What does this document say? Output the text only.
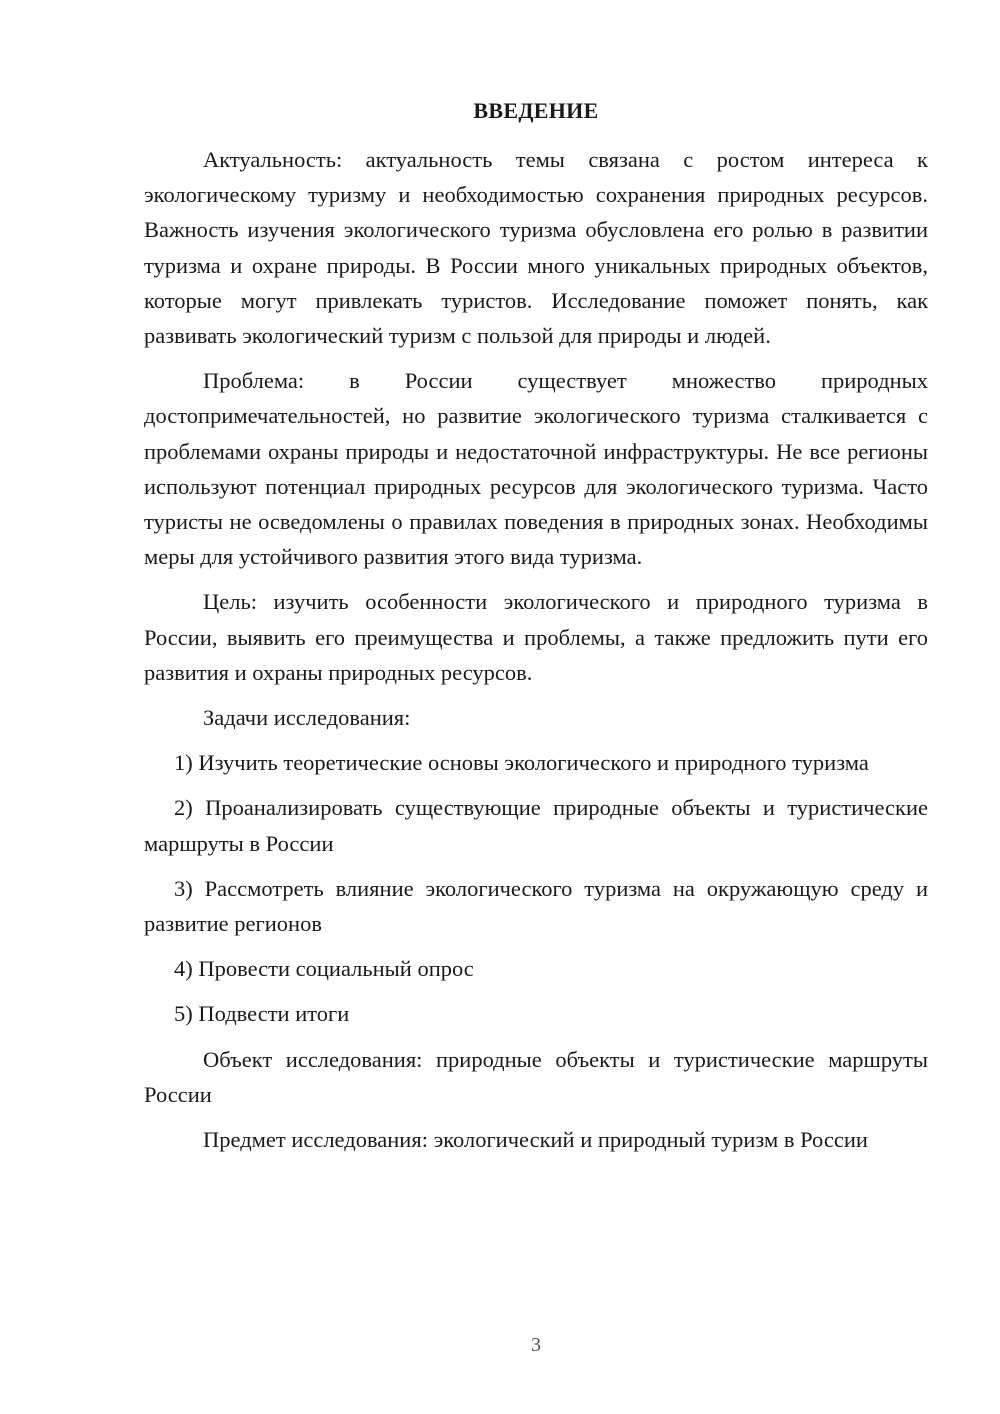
ВВЕДЕНИЕ

Актуальность: актуальность темы связана с ростом интереса к экологическому туризму и необходимостью сохранения природных ресурсов. Важность изучения экологического туризма обусловлена его ролью в развитии туризма и охране природы. В России много уникальных природных объектов, которые могут привлекать туристов. Исследование поможет понять, как развивать экологический туризм с пользой для природы и людей.

Проблема: в России существует множество природных достопримечательностей, но развитие экологического туризма сталкивается с проблемами охраны природы и недостаточной инфраструктуры. Не все регионы используют потенциал природных ресурсов для экологического туризма. Часто туристы не осведомлены о правилах поведения в природных зонах. Необходимы меры для устойчивого развития этого вида туризма.

Цель: изучить особенности экологического и природного туризма в России, выявить его преимущества и проблемы, а также предложить пути его развития и охраны природных ресурсов.

Задачи исследования:

1) Изучить теоретические основы экологического и природного туризма

2) Проанализировать существующие природные объекты и туристические маршруты в России

3) Рассмотреть влияние экологического туризма на окружающую среду и развитие регионов

4) Провести социальный опрос

5) Подвести итоги

Объект исследования: природные объекты и туристические маршруты России

Предмет исследования: экологический и природный туризм в России

3
